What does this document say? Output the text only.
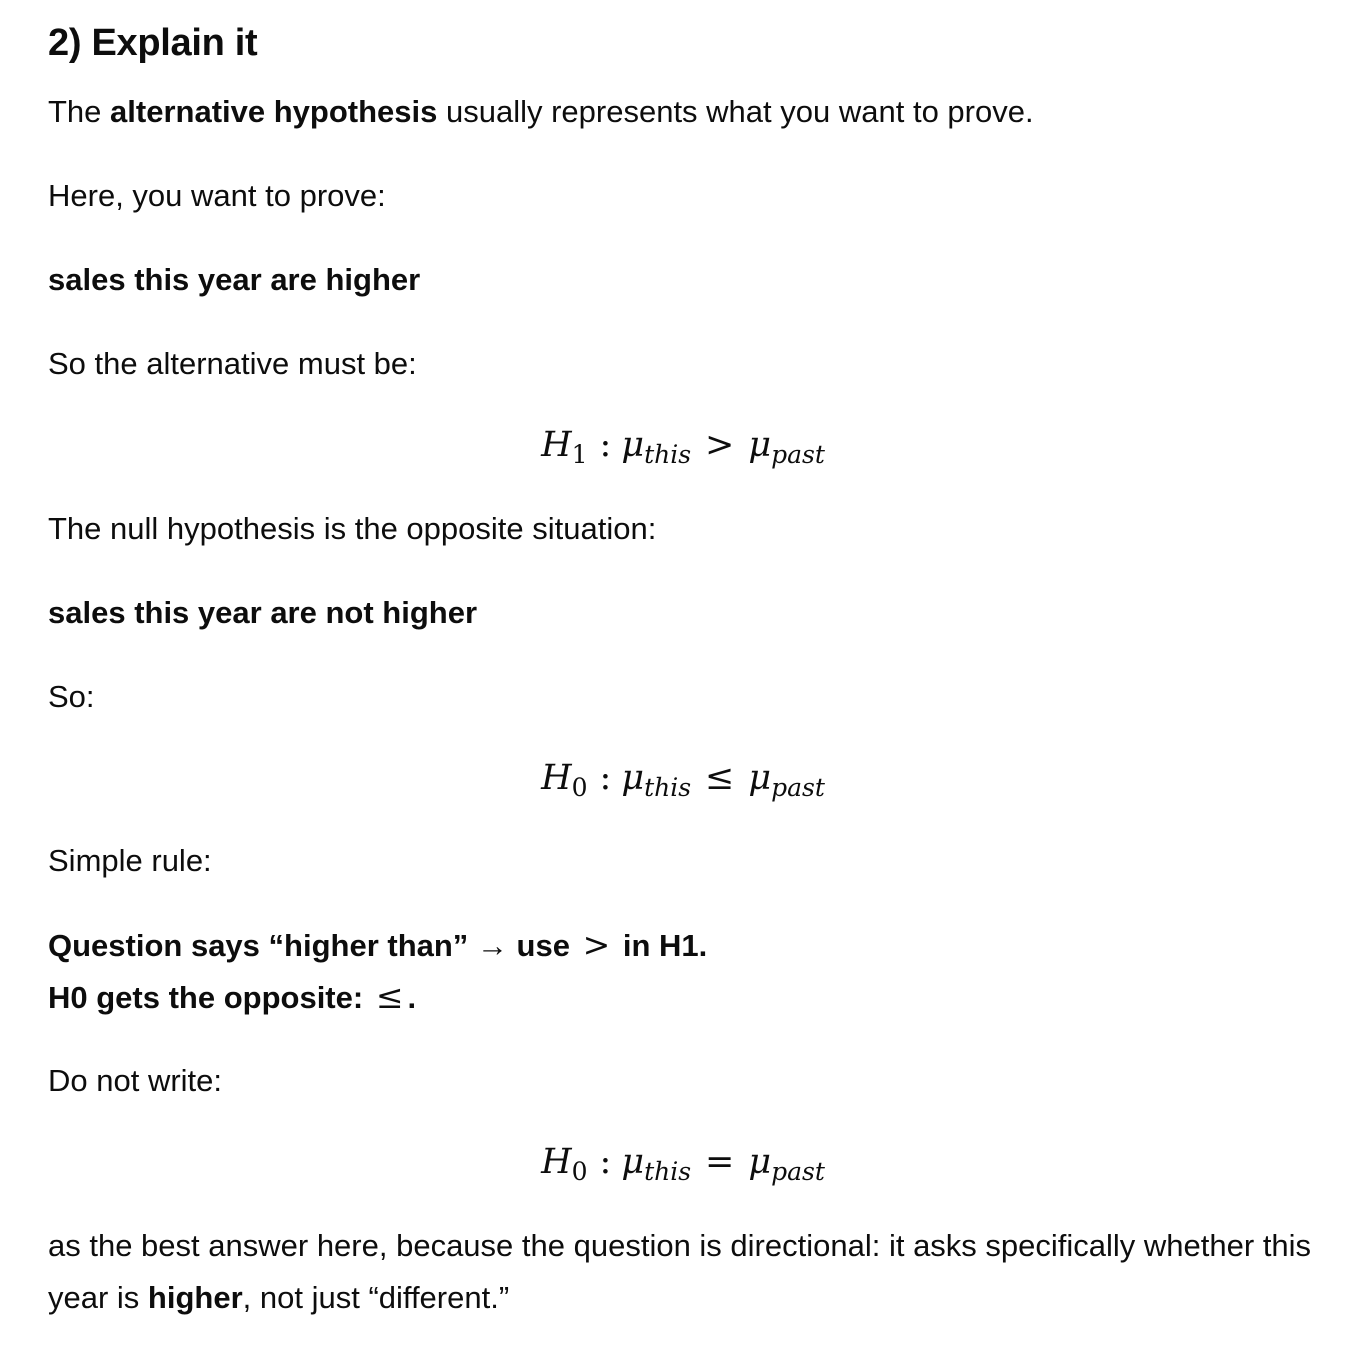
2) Explain it
The alternative hypothesis usually represents what you want to prove.
Here, you want to prove:
sales this year are higher
So the alternative must be:
$H_1$ : $\mu_{this} > \mu_{past}$
The null hypothesis is the opposite situation:
sales this year are not higher
So:
$H_0$ : $\mu_{this} \le \mu_{past}$
Simple rule:
Question says “higher than” → use > in H1.
H0 gets the opposite: ≤ .
Do not write:
$H_0$ : $\mu_{this} = \mu_{past}$
as the best answer here, because the question is directional: it asks specifically whether this year is higher, not just “different.”
